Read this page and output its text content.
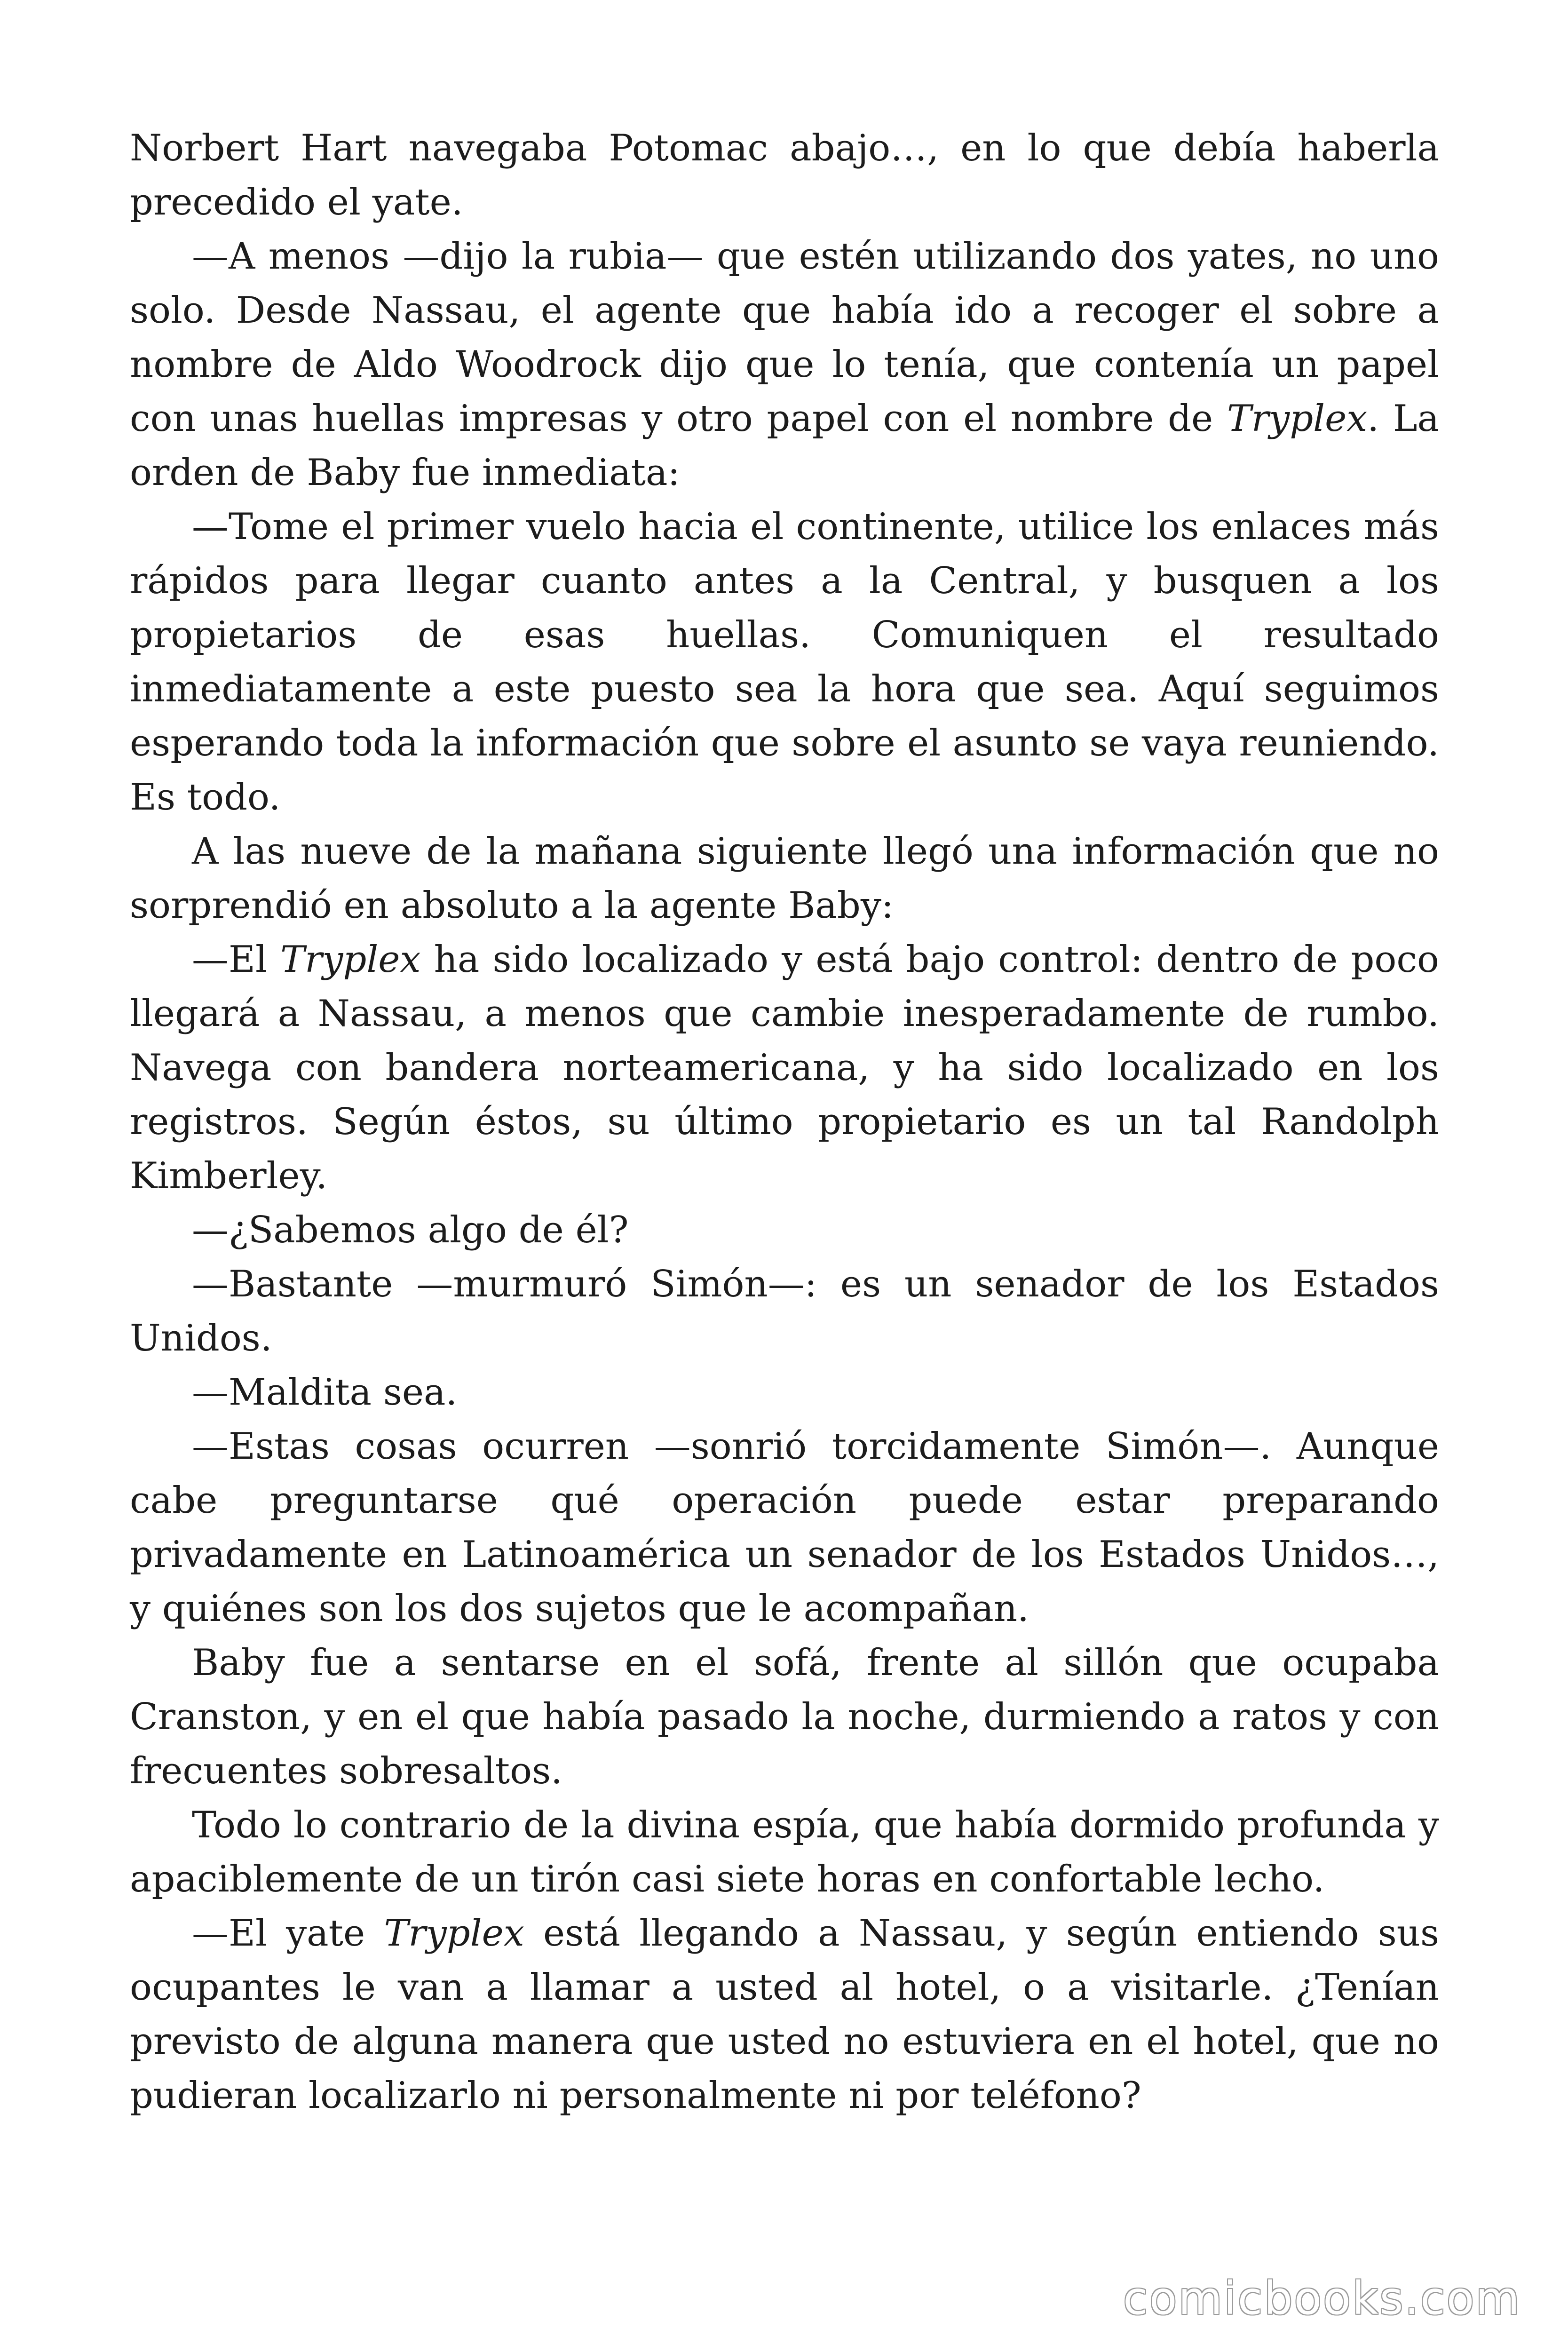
Norbert Hart navegaba Potomac abajo…, en lo que debía haberla precedido el yate.

—A menos —dijo la rubia— que estén utilizando dos yates, no uno solo. Desde Nassau, el agente que había ido a recoger el sobre a nombre de Aldo Woodrock dijo que lo tenía, que contenía un papel con unas huellas impresas y otro papel con el nombre de Tryplex. La orden de Baby fue inmediata:

—Tome el primer vuelo hacia el continente, utilice los enlaces más rápidos para llegar cuanto antes a la Central, y busquen a los propietarios de esas huellas. Comuniquen el resultado inmediatamente a este puesto sea la hora que sea. Aquí seguimos esperando toda la información que sobre el asunto se vaya reuniendo. Es todo.

A las nueve de la mañana siguiente llegó una información que no sorprendió en absoluto a la agente Baby:

—El Tryplex ha sido localizado y está bajo control: dentro de poco llegará a Nassau, a menos que cambie inesperadamente de rumbo. Navega con bandera norteamericana, y ha sido localizado en los registros. Según éstos, su último propietario es un tal Randolph Kimberley.

—¿Sabemos algo de él?

—Bastante —murmuró Simón—: es un senador de los Estados Unidos.

—Maldita sea.

—Estas cosas ocurren —sonrió torcidamente Simón—. Aunque cabe preguntarse qué operación puede estar preparando privadamente en Latinoamérica un senador de los Estados Unidos…, y quiénes son los dos sujetos que le acompañan.

Baby fue a sentarse en el sofá, frente al sillón que ocupaba Cranston, y en el que había pasado la noche, durmiendo a ratos y con frecuentes sobresaltos.

Todo lo contrario de la divina espía, que había dormido profunda y apaciblemente de un tirón casi siete horas en confortable lecho.

—El yate Tryplex está llegando a Nassau, y según entiendo sus ocupantes le van a llamar a usted al hotel, o a visitarle. ¿Tenían previsto de alguna manera que usted no estuviera en el hotel, que no pudieran localizarlo ni personalmente ni por teléfono?

comicbooks.com
